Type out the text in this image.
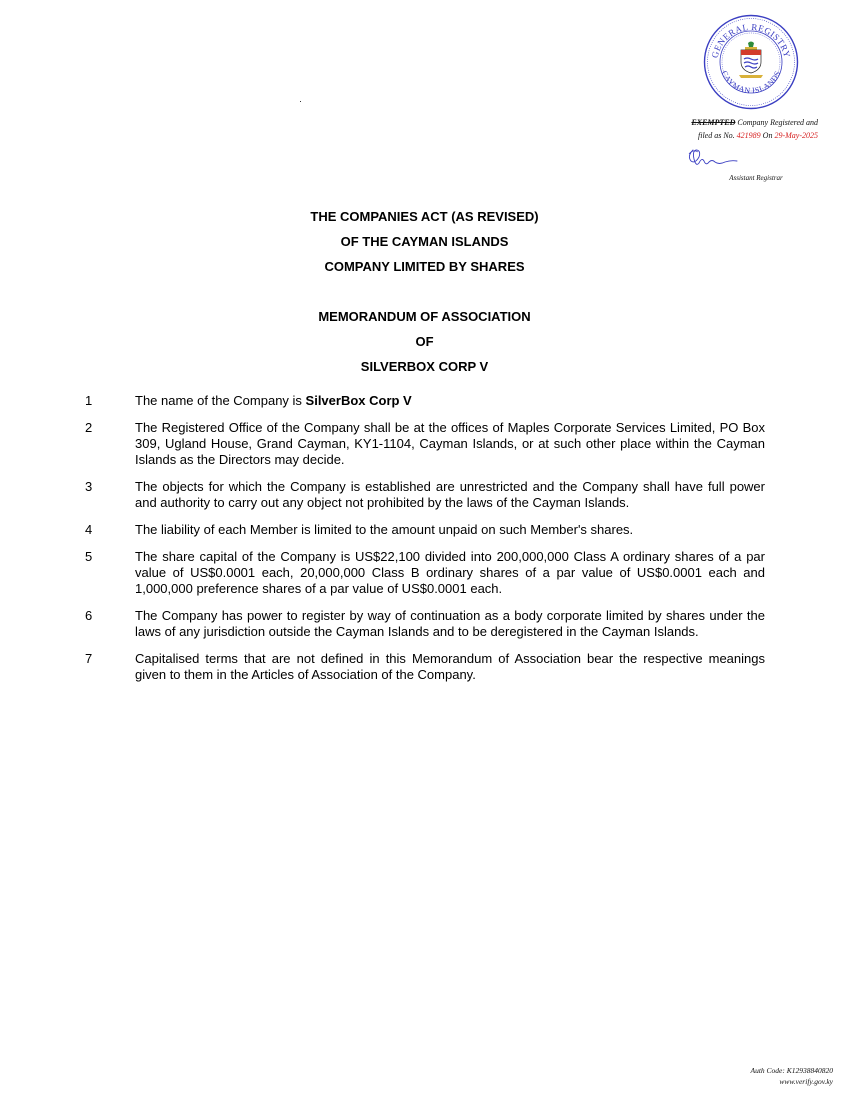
GENERAL REGISTRY
CAYMAN ISLANDS
EXEMPTED Company Registered and
filed as No. 421989 On 29-May-2025
Assistant Registrar
THE COMPANIES ACT (AS REVISED)
OF THE CAYMAN ISLANDS
COMPANY LIMITED BY SHARES
MEMORANDUM OF ASSOCIATION
OF
SILVERBOX CORP V
1	The name of the Company is SilverBox Corp V
2	The Registered Office of the Company shall be at the offices of Maples Corporate Services Limited, PO Box 309, Ugland House, Grand Cayman, KY1-1104, Cayman Islands, or at such other place within the Cayman Islands as the Directors may decide.
3	The objects for which the Company is established are unrestricted and the Company shall have full power and authority to carry out any object not prohibited by the laws of the Cayman Islands.
4	The liability of each Member is limited to the amount unpaid on such Member's shares.
5	The share capital of the Company is US$22,100 divided into 200,000,000 Class A ordinary shares of a par value of US$0.0001 each, 20,000,000 Class B ordinary shares of a par value of US$0.0001 each and 1,000,000 preference shares of a par value of US$0.0001 each.
6	The Company has power to register by way of continuation as a body corporate limited by shares under the laws of any jurisdiction outside the Cayman Islands and to be deregistered in the Cayman Islands.
7	Capitalised terms that are not defined in this Memorandum of Association bear the respective meanings given to them in the Articles of Association of the Company.
Auth Code: K12938840820
www.verify.gov.ky
